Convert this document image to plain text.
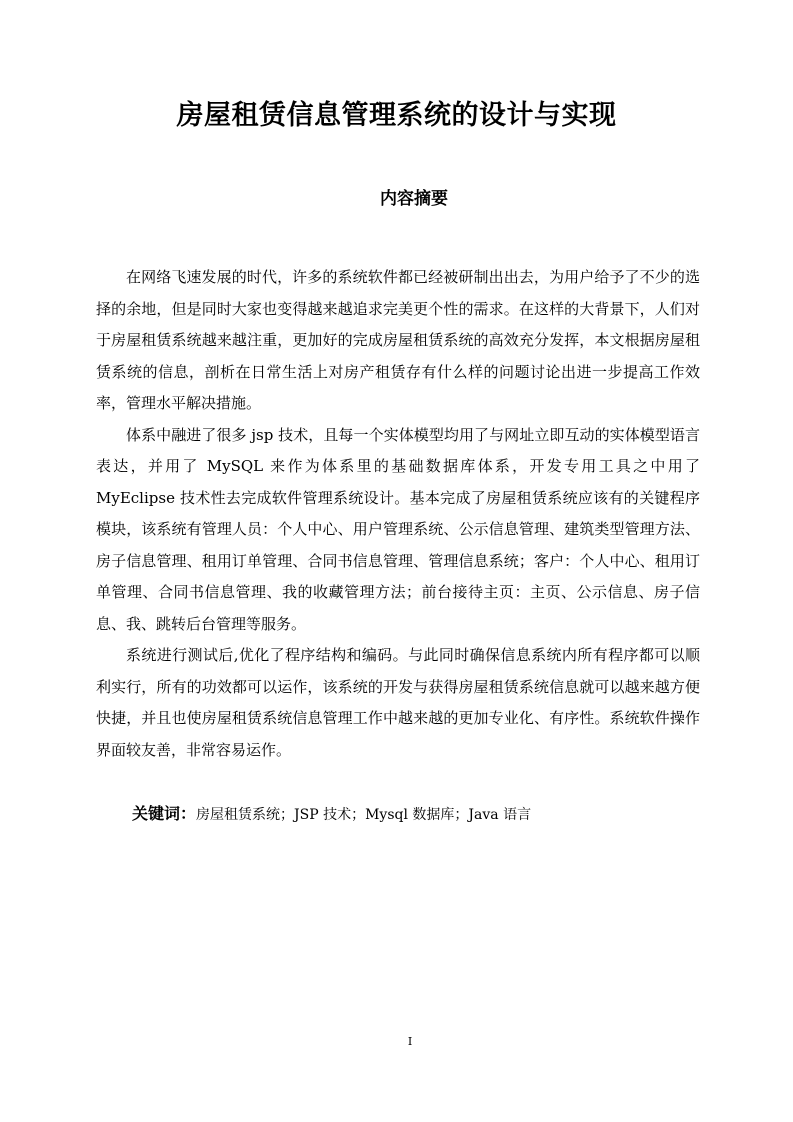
房屋租赁信息管理系统的设计与实现
内容摘要

在网络飞速发展的时代，许多的系统软件都已经被研制出出去，为用户给予了不少的选择的余地，但是同时大家也变得越来越追求完美更个性的需求。在这样的大背景下，人们对于房屋租赁系统越来越注重，更加好的完成房屋租赁系统的高效充分发挥，本文根据房屋租赁系统的信息，剖析在日常生活上对房产租赁存有什么样的问题讨论出进一步提高工作效率，管理水平解决措施。

体系中融进了很多 jsp 技术，且每一个实体模型均用了与网址立即互动的实体模型语言表达，并用了 MySQL 来作为体系里的基础数据库体系，开发专用工具之中用了 MyEclipse 技术性去完成软件管理系统设计。基本完成了房屋租赁系统应该有的关键程序模块，该系统有管理人员：个人中心、用户管理系统、公示信息管理、建筑类型管理方法、房子信息管理、租用订单管理、合同书信息管理、管理信息系统；客户：个人中心、租用订单管理、合同书信息管理、我的收藏管理方法；前台接待主页：主页、公示信息、房子信息、我、跳转后台管理等服务。

系统进行测试后,优化了程序结构和编码。与此同时确保信息系统内所有程序都可以顺利实行，所有的功效都可以运作，该系统的开发与获得房屋租赁系统信息就可以越来越方便快捷，并且也使房屋租赁系统信息管理工作中越来越的更加专业化、有序性。系统软件操作界面较友善，非常容易运作。

关键词：房屋租赁系统；JSP 技术；Mysql 数据库；Java 语言
I
